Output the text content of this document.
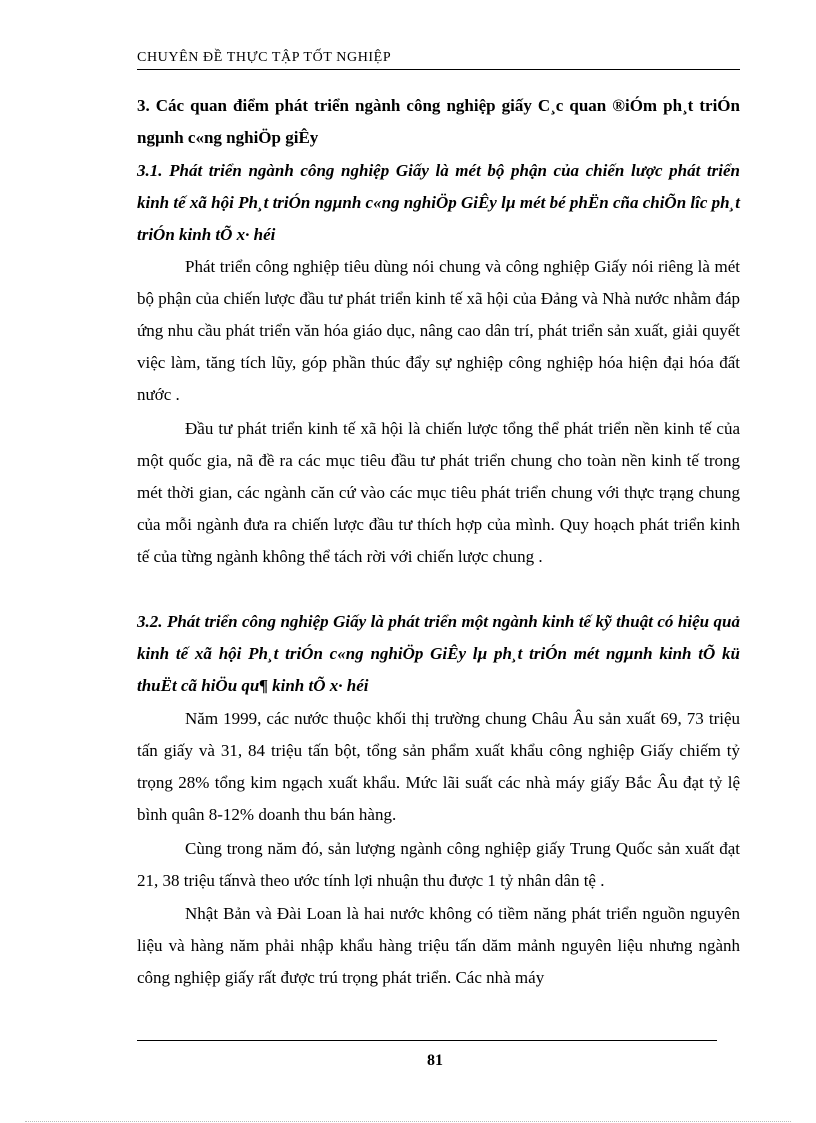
CHUYÊN ĐỀ THỰC TẬP TỐT NGHIỆP
3. Các quan điểm phát triển ngành công nghiệp giấy C¸c quan ®iÓm ph¸t triÓn ngµnh c«ng nghiÖp giÊy
3.1. Phát triển ngành công nghiệp Giấy là mét bộ phận của chiến lược phát triển kinh tế xã hội Ph¸t triÓn ngµnh c«ng nghiÖp GiÊy lµ mét bé phËn cña chiÕn lîc ph¸t triÓn kinh tÕ x· héi
Phát triển công nghiệp tiêu dùng nói chung và công nghiệp Giấy nói riêng là mét bộ phận của chiến lược đầu tư phát triển kinh tế xã hội của Đảng và Nhà nước nhằm đáp ứng nhu cầu phát triển văn hóa giáo dục, nâng cao dân trí, phát triển sản xuất, giải quyết việc làm, tăng tích lũy, góp phần thúc đẩy sự nghiệp công nghiệp hóa hiện đại hóa đất nước .
Đầu tư phát triển kinh tế xã hội là chiến lược tổng thể phát triển nền kinh tế của một quốc gia, nã đề ra các mục tiêu đầu tư phát triển chung cho toàn nền kinh tế trong mét thời gian, các ngành căn cứ vào các mục tiêu phát triển chung với thực trạng chung của mỗi ngành đưa ra chiến lược đầu tư thích hợp của mình. Quy hoạch phát triển kinh tế của từng ngành không thể tách rời với chiến lược chung .
3.2. Phát triển công nghiệp Giấy là phát triển một ngành kinh tế kỹ thuật có hiệu quả kinh tế xã hội Ph¸t triÓn c«ng nghiÖp GiÊy lµ ph¸t triÓn mét ngµnh kinh tÕ kü thuËt cã hiÖu qu¶ kinh tÕ x· héi
Năm 1999, các nước thuộc khối thị trường chung Châu Âu sản xuất 69, 73 triệu tấn giấy và 31, 84 triệu tấn bột, tổng sản phẩm xuất khẩu công nghiệp Giấy chiếm tỷ trọng 28% tổng kim ngạch xuất khẩu. Mức lãi suất các nhà máy giấy Bắc Âu đạt tỷ lệ bình quân 8-12% doanh thu bán hàng.
Cùng trong năm đó, sản lượng ngành công nghiệp giấy Trung Quốc sản xuất đạt 21, 38 triệu tấnvà theo ước tính lợi nhuận thu được 1 tỷ nhân dân tệ .
Nhật Bản và Đài Loan là hai nước không có tiềm năng phát triển nguồn nguyên liệu và hàng năm phải nhập khẩu hàng triệu tấn dăm mảnh nguyên liệu nhưng ngành công nghiệp giấy rất được trú trọng phát triển. Các nhà máy
81
